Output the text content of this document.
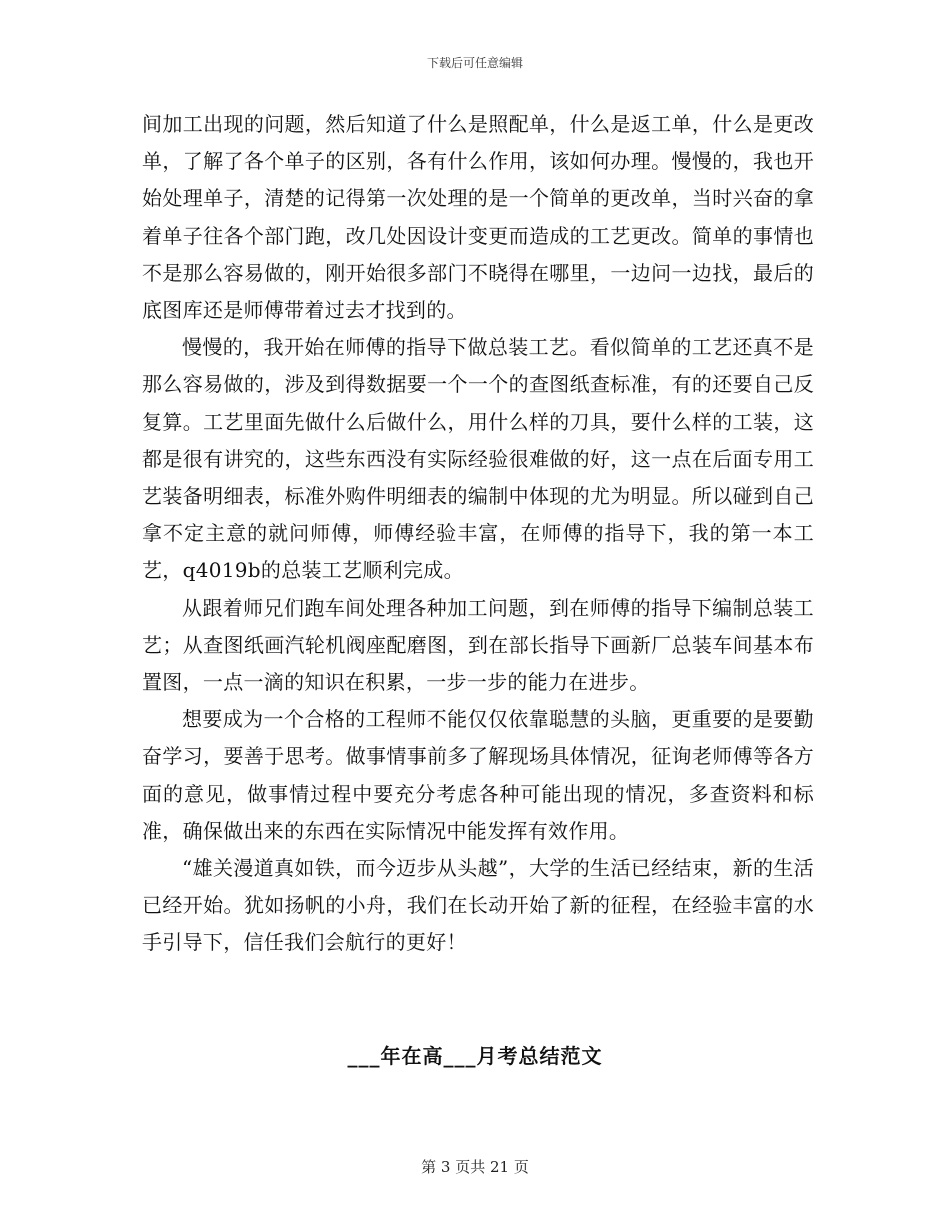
下载后可任意编辑

间加工出现的问题，然后知道了什么是照配单，什么是返工单，什么是更改单，了解了各个单子的区别，各有什么作用，该如何办理。慢慢的，我也开始处理单子，清楚的记得第一次处理的是一个简单的更改单，当时兴奋的拿着单子往各个部门跑，改几处因设计变更而造成的工艺更改。简单的事情也不是那么容易做的，刚开始很多部门不晓得在哪里，一边问一边找，最后的底图库还是师傅带着过去才找到的。

慢慢的，我开始在师傅的指导下做总装工艺。看似简单的工艺还真不是那么容易做的，涉及到得数据要一个一个的查图纸查标准，有的还要自己反复算。工艺里面先做什么后做什么，用什么样的刀具，要什么样的工装，这都是很有讲究的，这些东西没有实际经验很难做的好，这一点在后面专用工艺装备明细表，标准外购件明细表的编制中体现的尤为明显。所以碰到自己拿不定主意的就问师傅，师傅经验丰富，在师傅的指导下，我的第一本工艺，q4019b的总装工艺顺利完成。

从跟着师兄们跑车间处理各种加工问题，到在师傅的指导下编制总装工艺；从查图纸画汽轮机阀座配磨图，到在部长指导下画新厂总装车间基本布置图，一点一滴的知识在积累，一步一步的能力在进步。

想要成为一个合格的工程师不能仅仅依靠聪慧的头脑，更重要的是要勤奋学习，要善于思考。做事情事前多了解现场具体情况，征询老师傅等各方面的意见，做事情过程中要充分考虑各种可能出现的情况，多查资料和标准，确保做出来的东西在实际情况中能发挥有效作用。

“雄关漫道真如铁，而今迈步从头越”，大学的生活已经结束，新的生活已经开始。犹如扬帆的小舟，我们在长动开始了新的征程，在经验丰富的水手引导下，信任我们会航行的更好！

___年在高___月考总结范文
第 3 页共 21 页
